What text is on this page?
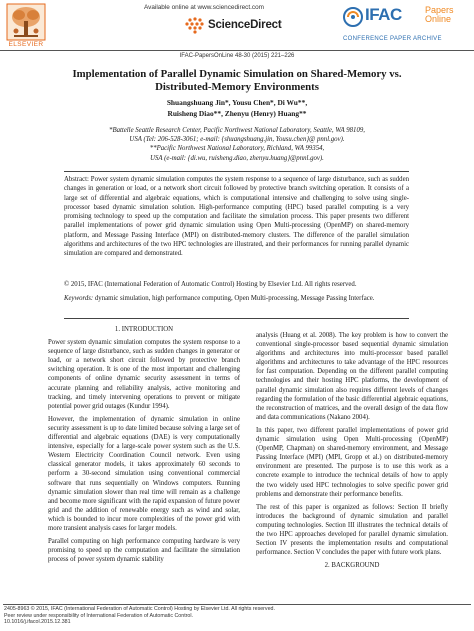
ELSEVIER
Available online at www.sciencedirect.com
ScienceDirect
IFAC	Papers
Online
CONFERENCE PAPER ARCHIVE
IFAC-PapersOnLine 48-30 (2015) 221–226
Implementation of Parallel Dynamic Simulation on Shared-Memory vs.
Distributed-Memory Environments
Shuangshuang Jin*, Yousu Chen*, Di Wu**,
Ruisheng Diao**, Zhenyu (Henry) Huang**
*Battelle Seattle Research Center, Pacific Northwest National Laboratory, Seattle, WA 98109,
USA (Tel: 206-528-3061; e-mail: {shuangshuang.jin, Yousu.chen}@ pnnl.gov).
**Pacific Northwest National Laboratory, Richland, WA 99354,
USA (e-mail: {di.wu, ruisheng.diao, zhenyu.huang}@pnnl.gov).
Abstract: Power system dynamic simulation computes the system response to a sequence of large disturbance, such as sudden changes in generation or load, or a network short circuit followed by protective branch switching operation. It consists of a large set of differential and algebraic equations, which is computational intensive and challenging to solve using single-processor based dynamic simulation solution. High-performance computing (HPC) based parallel computing is a very promising technology to speed up the computation and facilitate the simulation process. This paper presents two different parallel implementations of power grid dynamic simulation using Open Multi-processing (OpenMP) on shared-memory platform, and Message Passing Interface (MPI) on distributed-memory clusters. The difference of the parallel simulation algorithms and architectures of the two HPC technologies are illustrated, and their performances for running parallel dynamic simulation are compared and demonstrated.
© 2015, IFAC (International Federation of Automatic Control) Hosting by Elsevier Ltd. All rights reserved.
Keywords: dynamic simulation, high performance computing, Open Multi-processing, Message Passing Interface.
1. INTRODUCTION
Power system dynamic simulation computes the system response to a sequence of large disturbance, such as sudden changes in generator or load, or a network short circuit followed by protective branch switching operation. It is one of the most important and challenging components of online dynamic security assessment in terms of accurate planning and reliability analysis, active monitoring and tracking, and timely intervening operations to prevent or mitigate potential power grid outages (Kundur 1994).
However, the implementation of dynamic simulation in online security assessment is up to date limited because solving a large set of differential and algebraic equations (DAE) is very computationally intensive, especially for a large-scale power system such as the U.S. Western Electricity Coordination Council network. Even using classical generator models, it takes approximately 60 seconds to perform a 30-second simulation using conventional commercial software that runs sequentially on Windows computers. Running dynamic simulation slower than real time will remain as a challenge and become more significant with the rapid expansion of future power grid and the addition of renewable energy such as wind and solar, which is bounded to incur more complexities of the power grid with more transient analysis cases for larger models.
Parallel computing on high performance computing hardware is very promising to speed up the computation and facilitate the simulation process of power system dynamic stability
analysis (Huang et al. 2008). The key problem is how to convert the conventional single-processor based sequential dynamic simulation algorithms and architectures into multi-processor based parallel algorithms and architectures to take advantage of the HPC resources for fast computation. Depending on the different parallel computing technologies and their hosting HPC platforms, the development of parallel dynamic simulation also requires different levels of changes regarding the formulation of the basic differential algebraic equations, the reconstruction of matrices, and the overall design of the data flow and data communications (Nakano 2004).
In this paper, two different parallel implementations of power grid dynamic simulation using Open Multi-processing (OpenMP) (OpenMP, Chapman) on shared-memory environment, and Message Passing Interface (MPI) (MPI, Gropp et al.) on distributed-memory environment are presented. The purpose is to use this work as a concrete example to introduce the technical details of how to apply the two widely used HPC technologies to solve specific power grid problems and demonstrate their performance benefits.
The rest of this paper is organized as follows: Section II briefly introduces the background of dynamic simulation and parallel computing technologies. Section III illustrates the technical details of the two HPC approaches developed for parallel dynamic simulation. Section IV presents the implementation results and computational performance. Section V concludes the paper with future work plans.
2. BACKGROUND
2405-8963 © 2015, IFAC (International Federation of Automatic Control) Hosting by Elsevier Ltd. All rights reserved.
Peer review under responsibility of International Federation of Automatic Control.
10.1016/j.ifacol.2015.12.381
